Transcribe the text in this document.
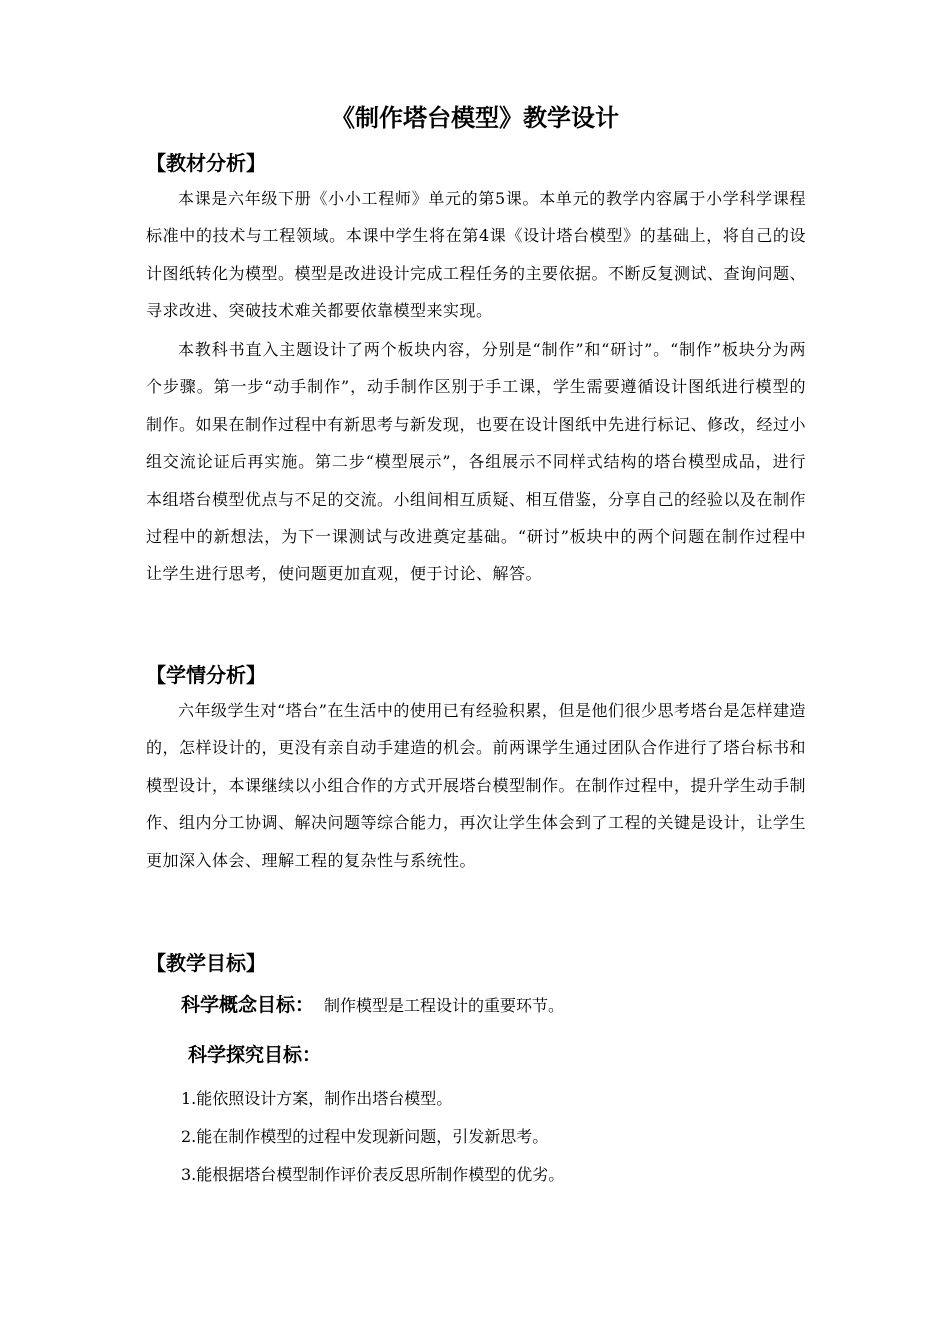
《制作塔台模型》教学设计
【教材分析】

本课是六年级下册《小小工程师》单元的第5课。本单元的教学内容属于小学科学课程标准中的技术与工程领域。本课中学生将在第4课《设计塔台模型》的基础上，将自己的设计图纸转化为模型。模型是改进设计完成工程任务的主要依据。不断反复测试、查询问题、寻求改进、突破技术难关都要依靠模型来实现。

本教科书直入主题设计了两个板块内容，分别是“制作”和“研讨”。“制作”板块分为两个步骤。第一步“动手制作”，动手制作区别于手工课，学生需要遵循设计图纸进行模型的制作。如果在制作过程中有新思考与新发现，也要在设计图纸中先进行标记、修改，经过小组交流论证后再实施。第二步“模型展示”，各组展示不同样式结构的塔台模型成品，进行本组塔台模型优点与不足的交流。小组间相互质疑、相互借鉴，分享自己的经验以及在制作过程中的新想法，为下一课测试与改进奠定基础。“研讨”板块中的两个问题在制作过程中让学生进行思考，使问题更加直观，便于讨论、解答。

【学情分析】

六年级学生对“塔台”在生活中的使用已有经验积累，但是他们很少思考塔台是怎样建造的，怎样设计的，更没有亲自动手建造的机会。前两课学生通过团队合作进行了塔台标书和模型设计，本课继续以小组合作的方式开展塔台模型制作。在制作过程中，提升学生动手制作、组内分工协调、解决问题等综合能力，再次让学生体会到了工程的关键是设计，让学生更加深入体会、理解工程的复杂性与系统性。

【教学目标】

科学概念目标： 制作模型是工程设计的重要环节。

科学探究目标：

1.能依照设计方案，制作出塔台模型。
2.能在制作模型的过程中发现新问题，引发新思考。
3.能根据塔台模型制作评价表反思所制作模型的优劣。
